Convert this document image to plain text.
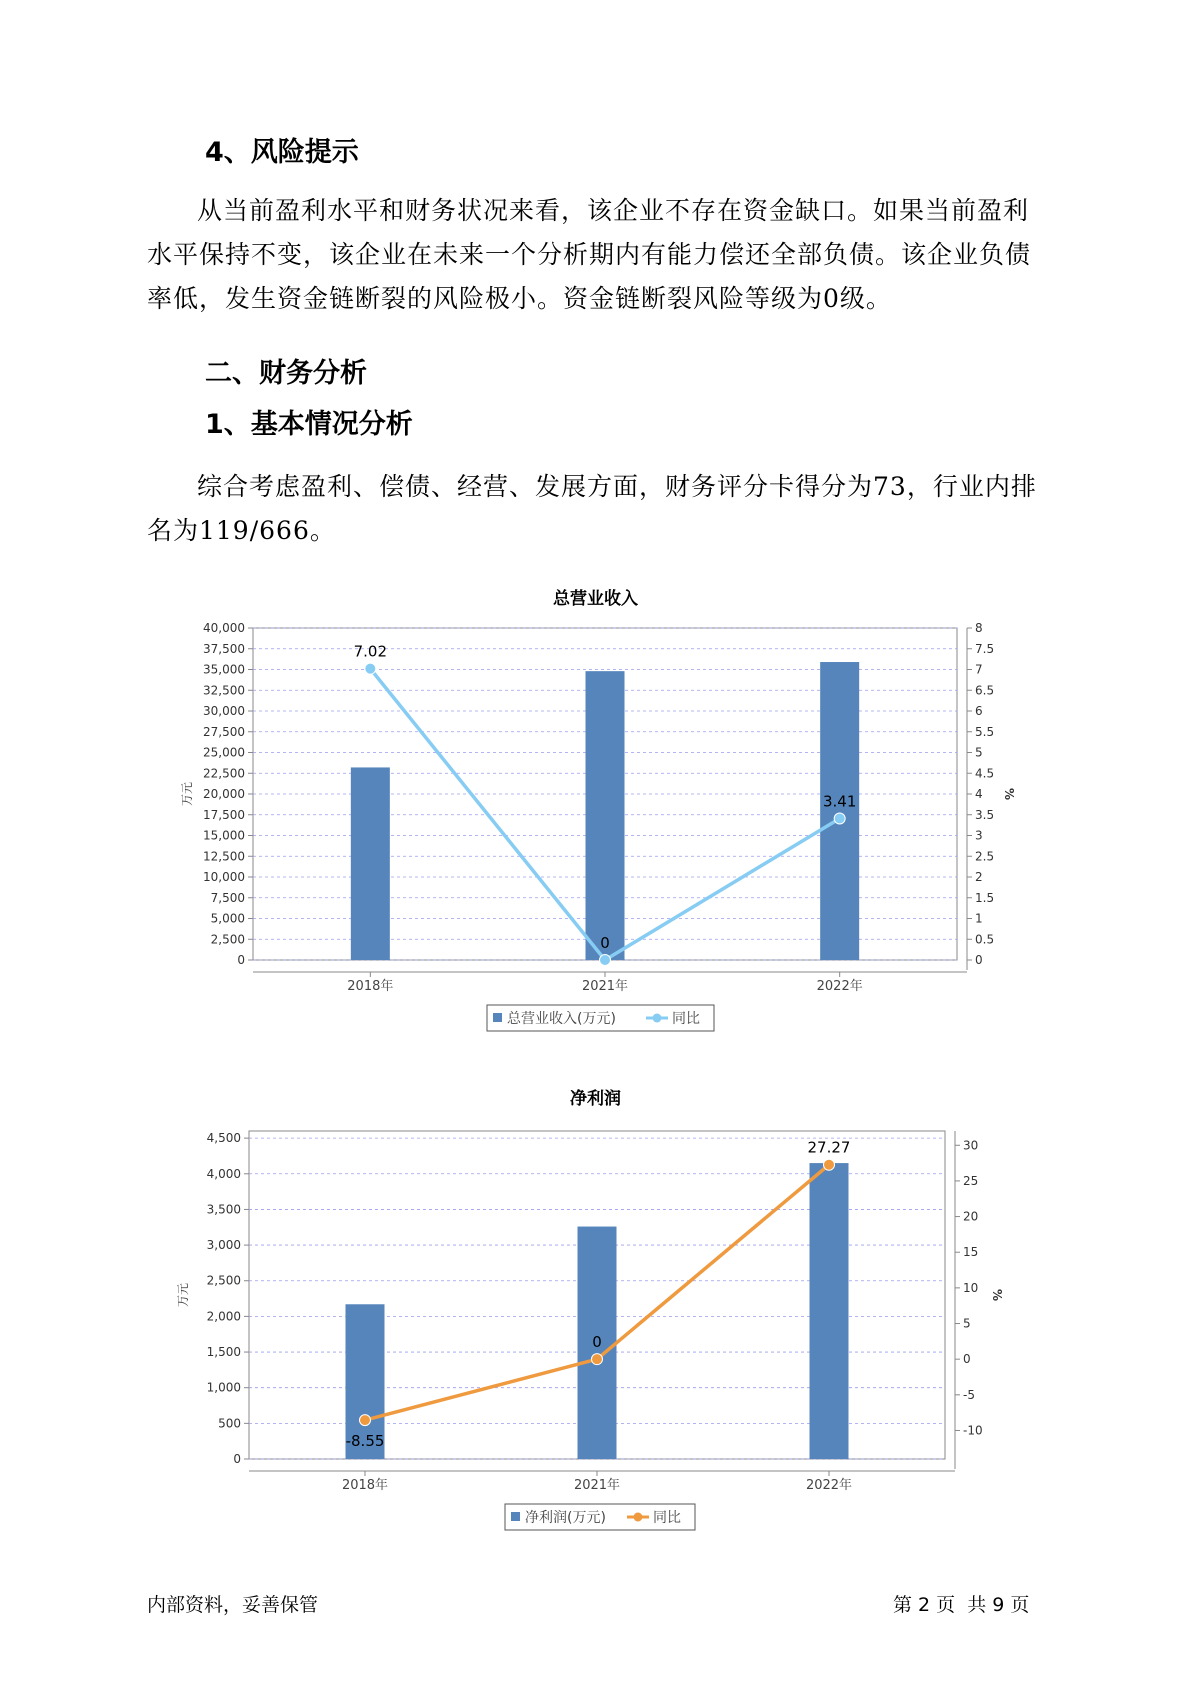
4、风险提示

从当前盈利水平和财务状况来看，该企业不存在资金缺口。如果当前盈利水平保持不变，该企业在未来一个分析期内有能力偿还全部负债。该企业负债率低，发生资金链断裂的风险极小。资金链断裂风险等级为0级。

二、财务分析
1、基本情况分析

综合考虑盈利、偿债、经营、发展方面，财务评分卡得分为73，行业内排名为119/666。

总营业收入
0
2,500
5,000
7,500
10,000
12,500
15,000
17,500
20,000
22,500
25,000
27,500
30,000
32,500
35,000
37,500
40,000
0
0.5
1
1.5
2
2.5
3
3.5
4
4.5
5
5.5
6
6.5
7
7.5
8
2018年	2021年	2022年
7.02
0
3.41
万元	%
总营业收入(万元)	同比
净利润
0
500
1,000
1,500
2,000
2,500
3,000
3,500
4,000
4,500
-10
-5
0
5
10
15
20
25
30
2018年	2021年	2022年
-8.55
0
27.27
万元	%
净利润(万元)	同比
内部资料，妥善保管	第 2 页  共 9 页
